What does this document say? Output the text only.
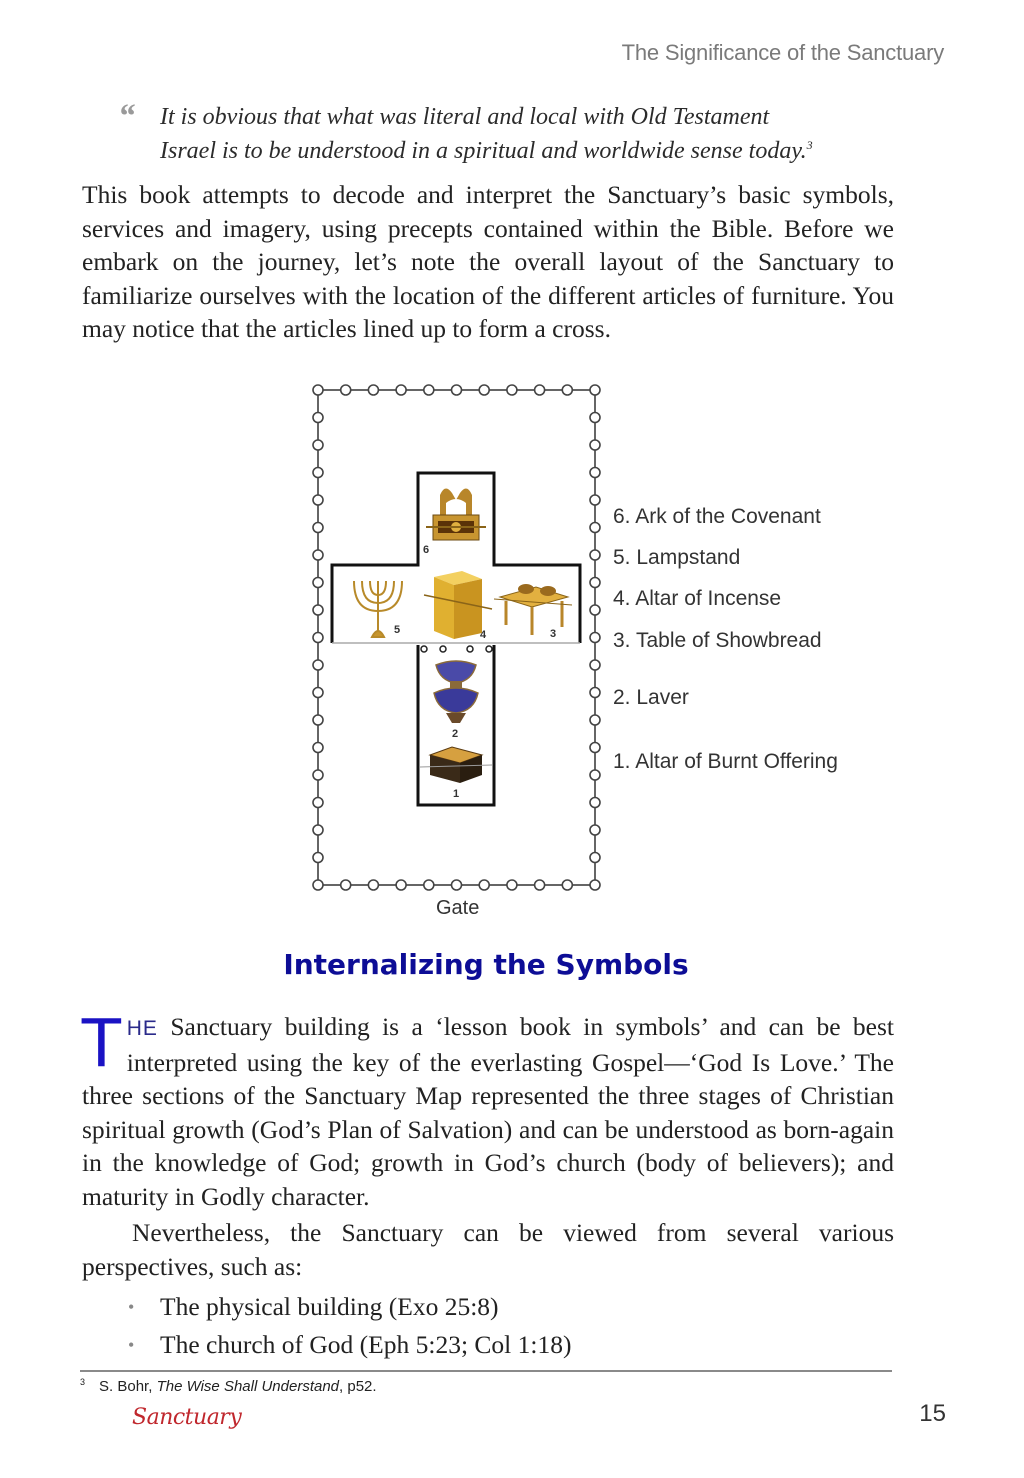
The Significance of the Sanctuary
“ It is obvious that what was literal and local with Old Testament
Israel is to be understood in a spiritual and worldwide sense today.$^3$

This book attempts to decode and interpret the Sanctuary’s basic symbols, services and imagery, using precepts contained within the Bible. Before we embark on the journey, let’s note the overall layout of the Sanctuary to familiarize ourselves with the location of the different articles of furniture. You may notice that the articles lined up to form a cross.

6
5	4	3
2
1
6. Ark of the Covenant
5. Lampstand
4. Altar of Incense
3. Table of Showbread
2. Laver
1. Altar of Burnt Offering
Gate
Internalizing the Symbols

THE Sanctuary building is a ‘lesson book in symbols’ and can be best interpreted using the key of the everlasting Gospel—‘God Is Love.’ The three sections of the Sanctuary Map represented the three stages of Christian spiritual growth (God’s Plan of Salvation) and can be understood as born-again in the knowledge of God; growth in God’s church (body of believers); and maturity in Godly character.

Nevertheless, the Sanctuary can be viewed from several various perspectives, such as:

• The physical building (Exo 25:8)
• The church of God (Eph 5:23; Col 1:18)
$^3$ S. Bohr, The Wise Shall Understand, p52.
Sanctuary	15
